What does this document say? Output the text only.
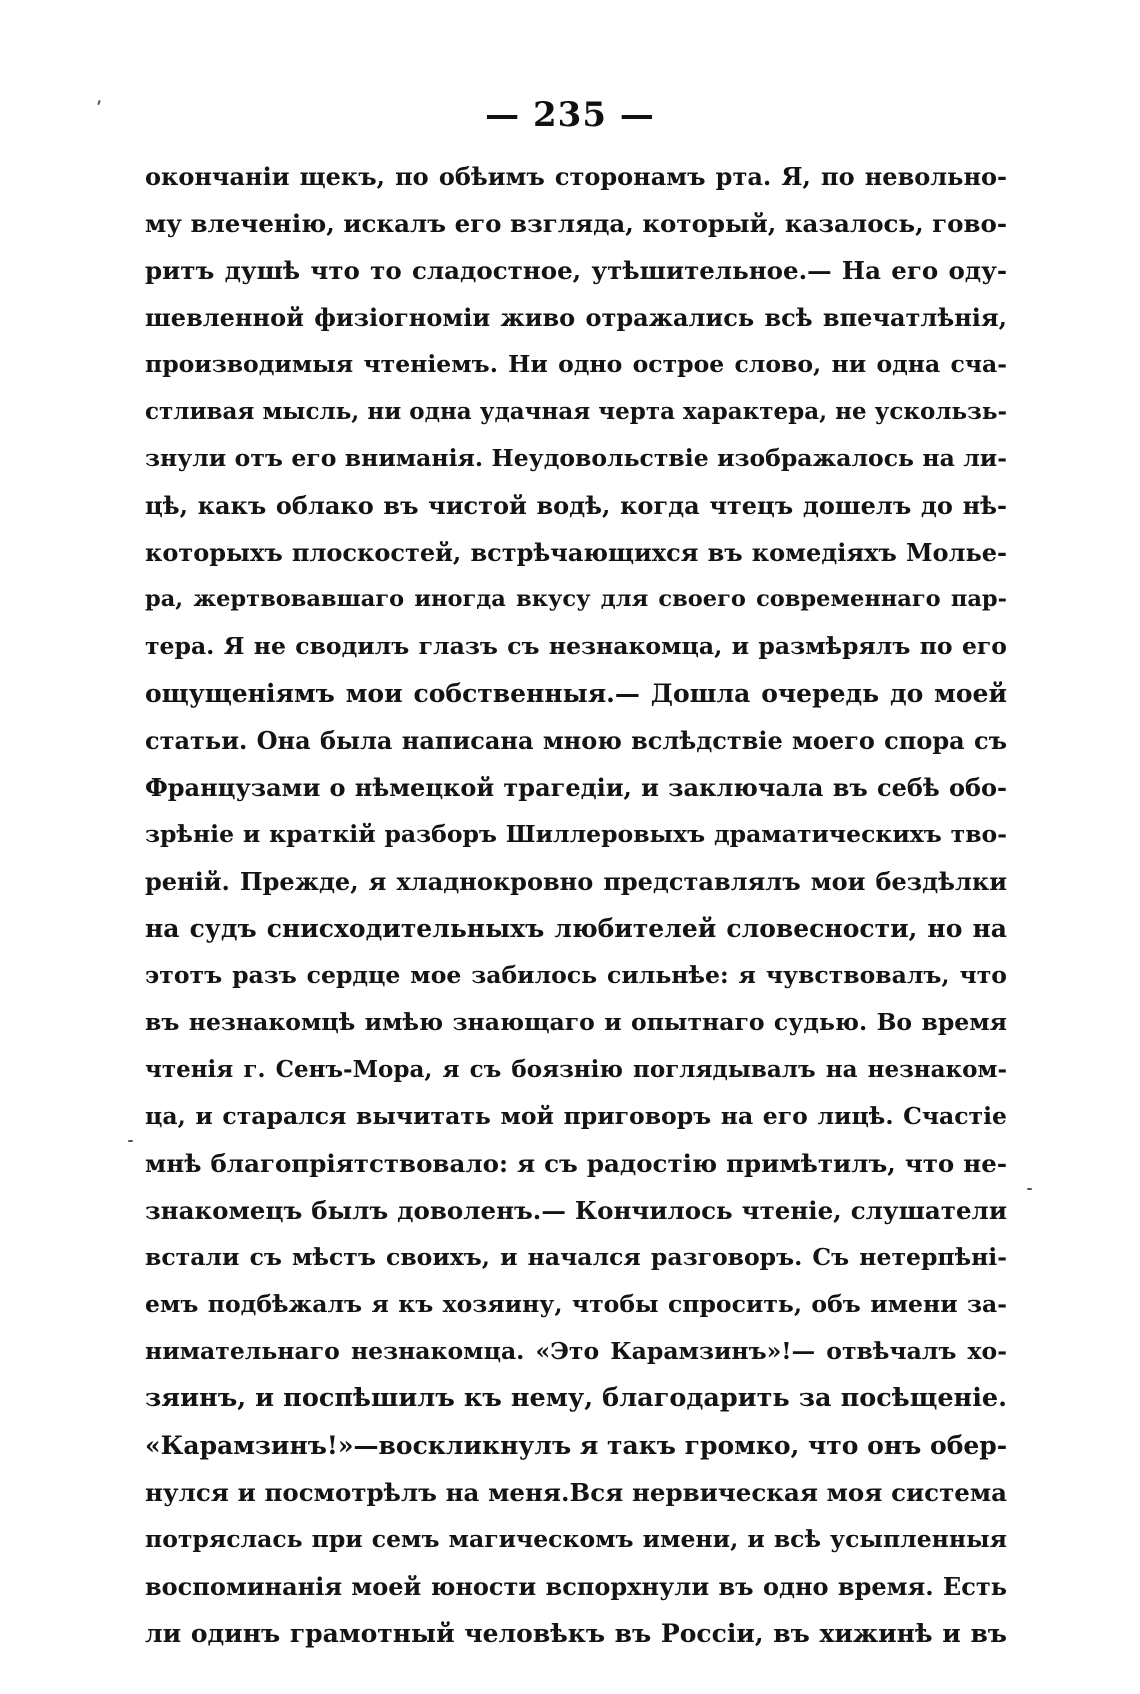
— 235 —
окончаніи щекъ, по обѣимъ сторонамъ рта. Я, по невольно-
му влеченію, искалъ его взгляда, который, казалось, гово-
ритъ душѣ что то сладостное, утѣшительное.— На его оду-
шевленной физіогноміи живо отражались всѣ впечатлѣнія,
производимыя чтеніемъ. Ни одно острое слово, ни одна сча-
стливая мысль, ни одна удачная черта характера, не ускользь-
знули отъ его вниманія. Неудовольствіе изображалось на ли-
цѣ, какъ облако въ чистой водѣ, когда чтецъ дошелъ до нѣ-
которыхъ плоскостей, встрѣчающихся въ комедіяхъ Молье-
ра, жертвовавшаго иногда вкусу для своего современнаго пар-
тера. Я не сводилъ глазъ съ незнакомца, и размѣрялъ по его
ощущеніямъ мои собственныя.— Дошла очередь до моей
статьи. Она была написана мною вслѣдствіе моего спора съ
Французами о нѣмецкой трагедіи, и заключала въ себѣ обо-
зрѣніе и краткій разборъ Шиллеровыхъ драматическихъ тво-
реній. Прежде, я хладнокровно представлялъ мои бездѣлки
на судъ снисходительныхъ любителей словесности, но на
этотъ разъ сердце мое забилось сильнѣе: я чувствовалъ, что
въ незнакомцѣ имѣю знающаго и опытнаго судью. Во время
чтенія г. Сенъ-Мора, я съ боязнію поглядывалъ на незнаком-
ца, и старался вычитать мой приговоръ на его лицѣ. Счастіе
мнѣ благопріятствовало: я съ радостію примѣтилъ, что не-
знакомецъ былъ доволенъ.— Кончилось чтеніе, слушатели
встали съ мѣстъ своихъ, и начался разговоръ. Съ нетерпѣні-
емъ подбѣжалъ я къ хозяину, чтобы спросить, объ имени за-
нимательнаго незнакомца. «Это Карамзинъ»!— отвѣчалъ хо-
зяинъ, и поспѣшилъ къ нему, благодарить за посѣщеніе.
«Карамзинъ!»—воскликнулъ я такъ громко, что онъ обер-
нулся и посмотрѣлъ на меня.Вся нервическая моя система
потряслась при семъ магическомъ имени, и всѣ усыпленныя
воспоминанія моей юности вспорхнули въ одно время. Есть
ли одинъ грамотный человѣкъ въ Россіи, въ хижинѣ и въ
